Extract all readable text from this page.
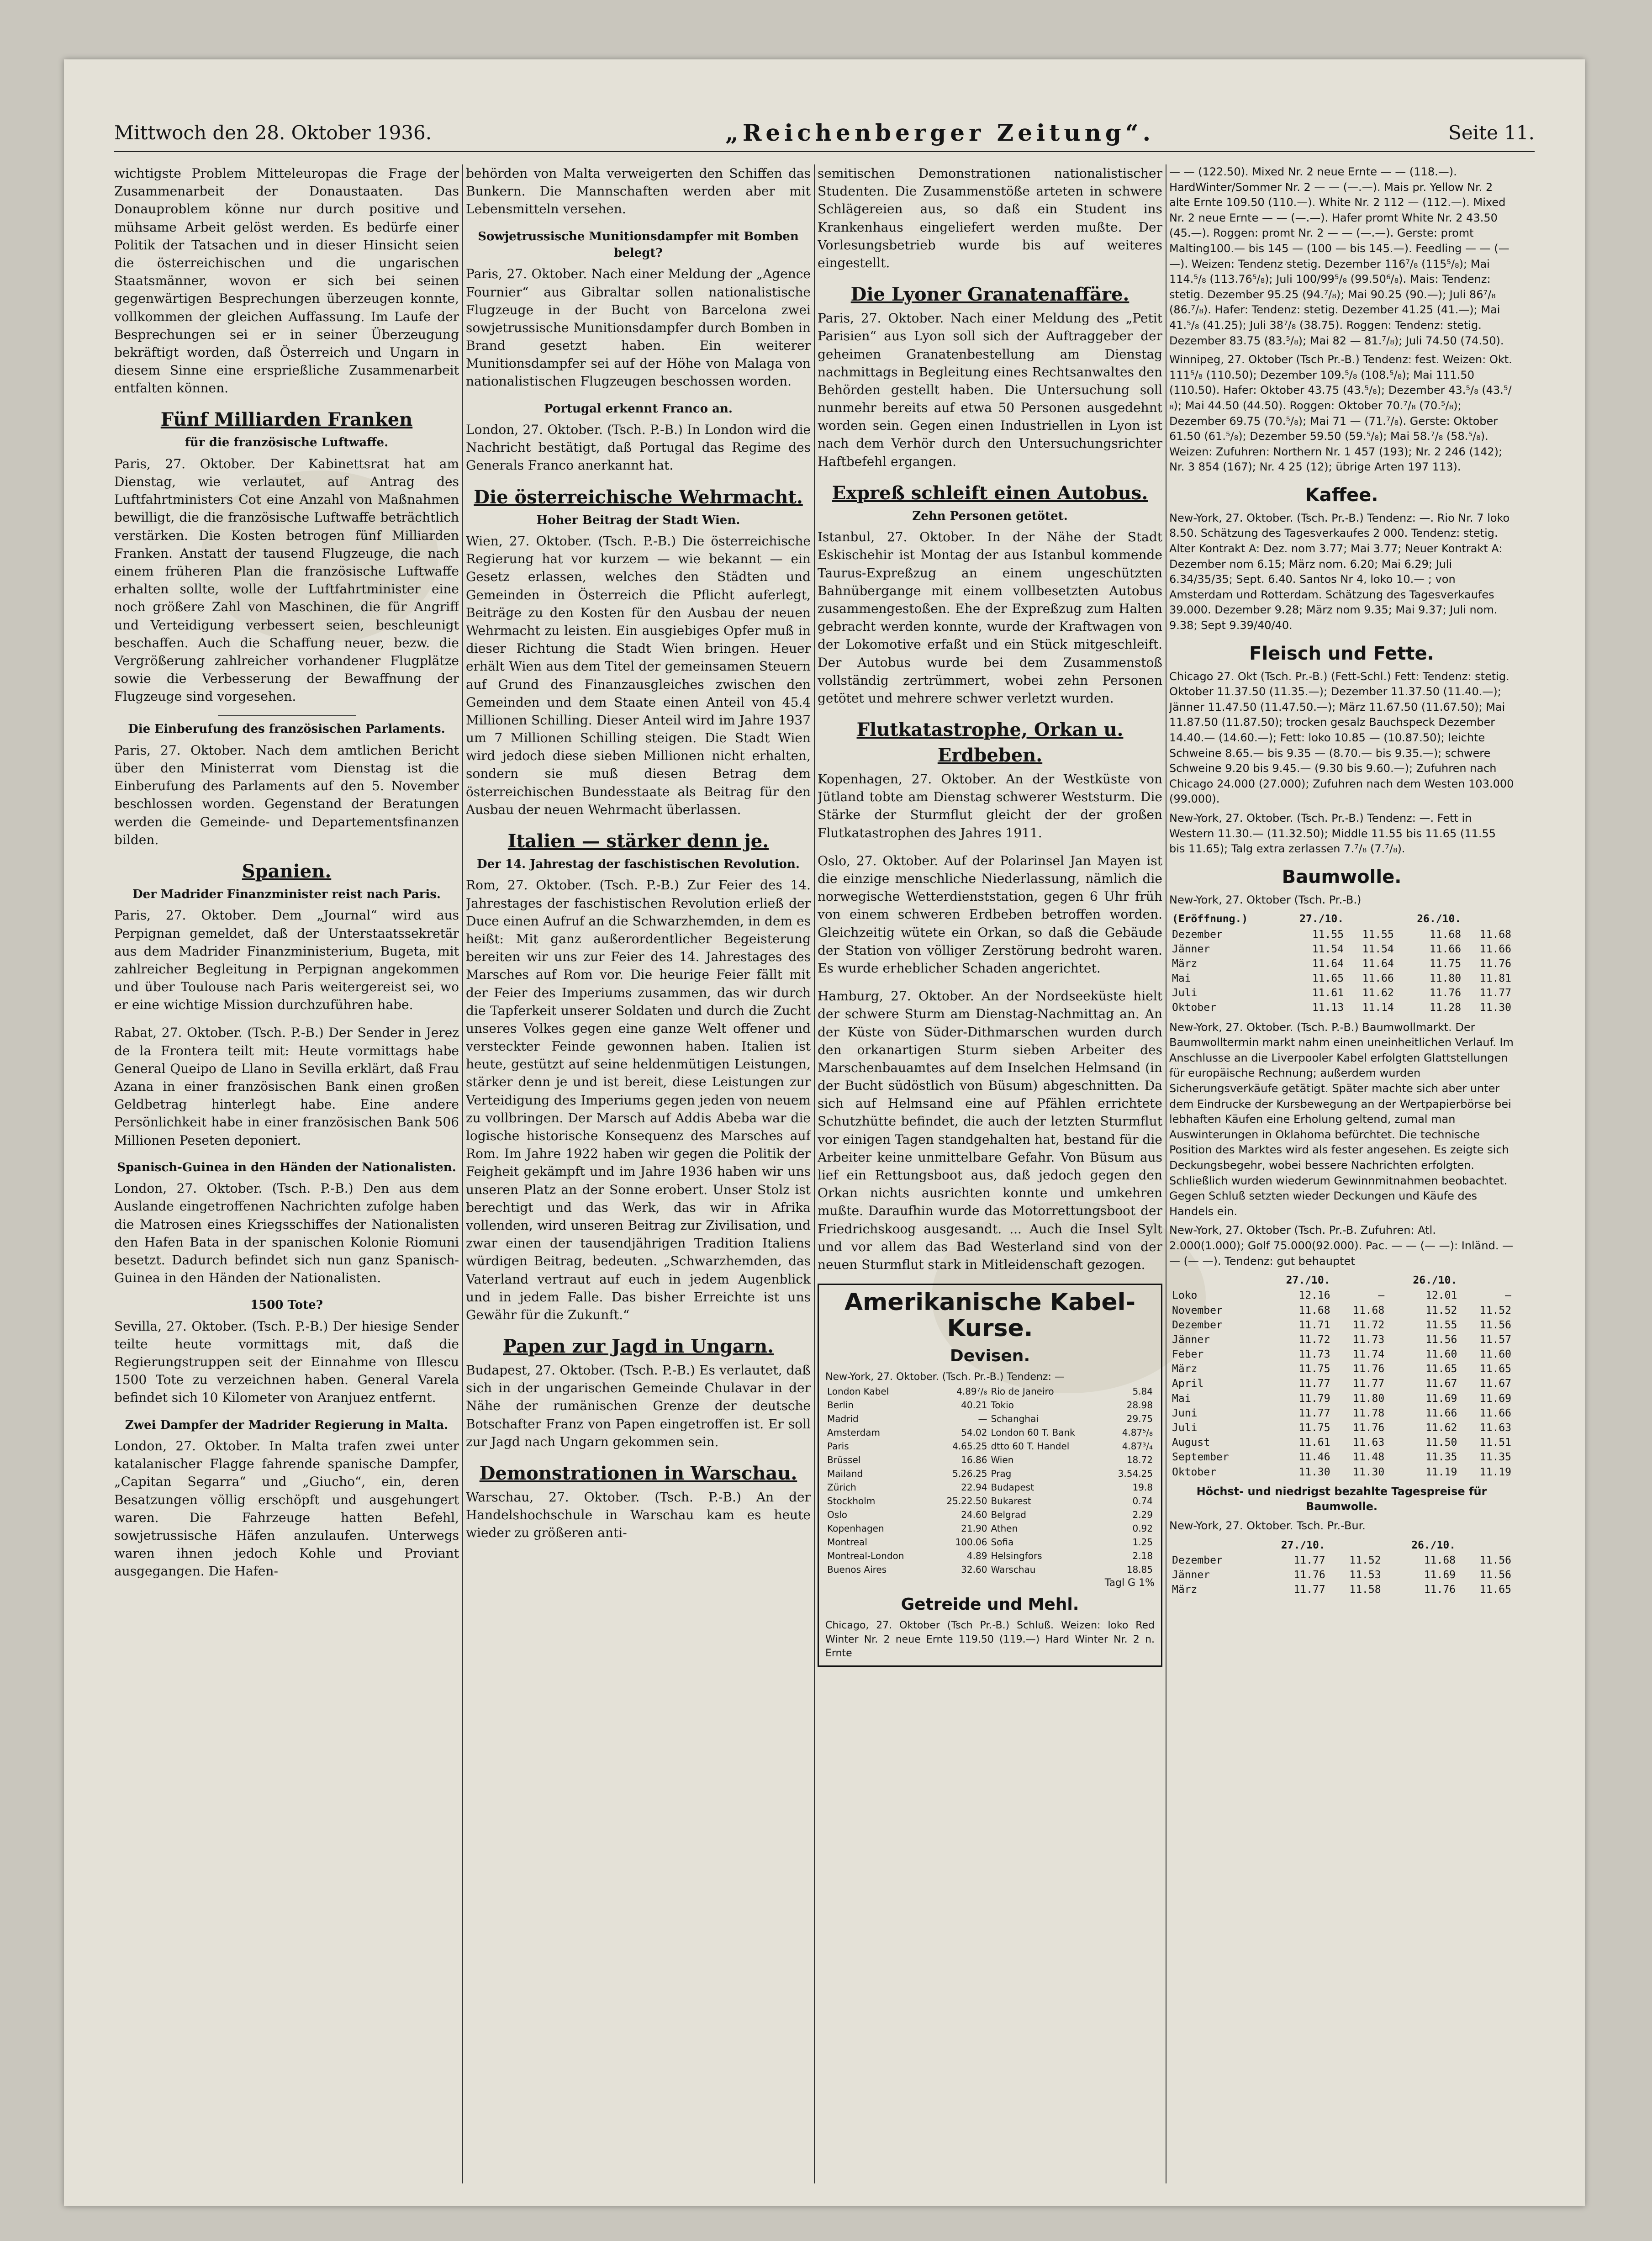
Mittwoch den 28. Oktober 1936.	„Reichenberger Zeitung“.	Seite 11.

wichtigste Problem Mitteleuropas die Frage der Zusammenarbeit der Donaustaaten. Das Donauproblem könne nur durch positive und mühsame Arbeit gelöst werden. Es bedürfe einer Politik der Tatsachen und in dieser Hinsicht seien die österreichischen und die ungarischen Staatsmänner, wovon er sich bei seinen gegenwärtigen Besprechungen überzeugen konnte, vollkommen der gleichen Auffassung. Im Laufe der Besprechungen sei er in seiner Überzeugung bekräftigt worden, daß Österreich und Ungarn in diesem Sinne eine ersprießliche Zusammenarbeit entfalten können.

Fünf Milliarden Franken
für die französische Luftwaffe.

Paris, 27. Oktober. Der Kabinettsrat hat am Dienstag, wie verlautet, auf Antrag des Luftfahrtministers Cot eine Anzahl von Maßnahmen bewilligt, die die französische Luftwaffe beträchtlich verstärken. Die Kosten betrogen fünf Milliarden Franken. Anstatt der tausend Flugzeuge, die nach einem früheren Plan die französische Luftwaffe erhalten sollte, wolle der Luftfahrtminister eine noch größere Zahl von Maschinen, die für Angriff und Verteidigung verbessert seien, beschleunigt beschaffen. Auch die Schaffung neuer, bezw. die Vergrößerung zahlreicher vorhandener Flugplätze sowie die Verbesserung der Bewaffnung der Flugzeuge sind vorgesehen.

Die Einberufung des französischen Parlaments.

Paris, 27. Oktober. Nach dem amtlichen Bericht über den Ministerrat vom Dienstag ist die Einberufung des Parlaments auf den 5. November beschlossen worden. Gegenstand der Beratungen werden die Gemeinde- und Departementsfinanzen bilden.

Spanien.
Der Madrider Finanzminister reist nach Paris.

Paris, 27. Oktober. Dem „Journal“ wird aus Perpignan gemeldet, daß der Unterstaatssekretär aus dem Madrider Finanzministerium, Bugeta, mit zahlreicher Begleitung in Perpignan angekommen und über Toulouse nach Paris weitergereist sei, wo er eine wichtige Mission durchzuführen habe.

Rabat, 27. Oktober. (Tsch. P.-B.) Der Sender in Jerez de la Frontera teilt mit: Heute vormittags habe General Queipo de Llano in Sevilla erklärt, daß Frau Azana in einer französischen Bank einen großen Geldbetrag hinterlegt habe. Eine andere Persönlichkeit habe in einer französischen Bank 506 Millionen Peseten deponiert.

Spanisch-Guinea in den Händen der Nationalisten.

London, 27. Oktober. (Tsch. P.-B.) Den aus dem Auslande eingetroffenen Nachrichten zufolge haben die Matrosen eines Kriegsschiffes der Nationalisten den Hafen Bata in der spanischen Kolonie Riomuni besetzt. Dadurch befindet sich nun ganz Spanisch-Guinea in den Händen der Nationalisten.

1500 Tote?

Sevilla, 27. Oktober. (Tsch. P.-B.) Der hiesige Sender teilte heute vormittags mit, daß die Regierungstruppen seit der Einnahme von Illescu 1500 Tote zu verzeichnen haben. General Varela befindet sich 10 Kilometer von Aranjuez entfernt.

Zwei Dampfer der Madrider Regierung in Malta.

London, 27. Oktober. In Malta trafen zwei unter katalanischer Flagge fahrende spanische Dampfer, „Capitan Segarra“ und „Giucho“, ein, deren Besatzungen völlig erschöpft und ausgehungert waren. Die Fahrzeuge hatten Befehl, sowjetrussische Häfen anzulaufen. Unterwegs waren ihnen jedoch Kohle und Proviant ausgegangen. Die Hafen-

behörden von Malta verweigerten den Schiffen das Bunkern. Die Mannschaften werden aber mit Lebensmitteln versehen.

Sowjetrussische Munitionsdampfer mit Bomben belegt?

Paris, 27. Oktober. Nach einer Meldung der „Agence Fournier“ aus Gibraltar sollen nationalistische Flugzeuge in der Bucht von Barcelona zwei sowjetrussische Munitionsdampfer durch Bomben in Brand gesetzt haben. Ein weiterer Munitionsdampfer sei auf der Höhe von Malaga von nationalistischen Flugzeugen beschossen worden.

Portugal erkennt Franco an.

London, 27. Oktober. (Tsch. P.-B.) In London wird die Nachricht bestätigt, daß Portugal das Regime des Generals Franco anerkannt hat.

Die österreichische Wehrmacht.
Hoher Beitrag der Stadt Wien.

Wien, 27. Oktober. (Tsch. P.-B.) Die österreichische Regierung hat vor kurzem — wie bekannt — ein Gesetz erlassen, welches den Städten und Gemeinden in Österreich die Pflicht auferlegt, Beiträge zu den Kosten für den Ausbau der neuen Wehrmacht zu leisten. Ein ausgiebiges Opfer muß in dieser Richtung die Stadt Wien bringen. Heuer erhält Wien aus dem Titel der gemeinsamen Steuern auf Grund des Finanzausgleiches zwischen den Gemeinden und dem Staate einen Anteil von 45.4 Millionen Schilling. Dieser Anteil wird im Jahre 1937 um 7 Millionen Schilling steigen. Die Stadt Wien wird jedoch diese sieben Millionen nicht erhalten, sondern sie muß diesen Betrag dem österreichischen Bundesstaate als Beitrag für den Ausbau der neuen Wehrmacht überlassen.

Italien — stärker denn je.
Der 14. Jahrestag der faschistischen Revolution.

Rom, 27. Oktober. (Tsch. P.-B.) Zur Feier des 14. Jahrestages der faschistischen Revolution erließ der Duce einen Aufruf an die Schwarzhemden, in dem es heißt: Mit ganz außerordentlicher Begeisterung bereiten wir uns zur Feier des 14. Jahrestages des Marsches auf Rom vor. Die heurige Feier fällt mit der Feier des Imperiums zusammen, das wir durch die Tapferkeit unserer Soldaten und durch die Zucht unseres Volkes gegen eine ganze Welt offener und versteckter Feinde gewonnen haben. Italien ist heute, gestützt auf seine heldenmütigen Leistungen, stärker denn je und ist bereit, diese Leistungen zur Verteidigung des Imperiums gegen jeden von neuem zu vollbringen. Der Marsch auf Addis Abeba war die logische historische Konsequenz des Marsches auf Rom. Im Jahre 1922 haben wir gegen die Politik der Feigheit gekämpft und im Jahre 1936 haben wir uns unseren Platz an der Sonne erobert. Unser Stolz ist berechtigt und das Werk, das wir in Afrika vollenden, wird unseren Beitrag zur Zivilisation, und zwar einen der tausendjährigen Tradition Italiens würdigen Beitrag, bedeuten. „Schwarzhemden, das Vaterland vertraut auf euch in jedem Augenblick und in jedem Falle. Das bisher Erreichte ist uns Gewähr für die Zukunft.“

Papen zur Jagd in Ungarn.

Budapest, 27. Oktober. (Tsch. P.-B.) Es verlautet, daß sich in der ungarischen Gemeinde Chulavar in der Nähe der rumänischen Grenze der deutsche Botschafter Franz von Papen eingetroffen ist. Er soll zur Jagd nach Ungarn gekommen sein.

Demonstrationen in Warschau.

Warschau, 27. Oktober. (Tsch. P.-B.) An der Handelshochschule in Warschau kam es heute wieder zu größeren anti-

semitischen Demonstrationen nationalistischer Studenten. Die Zusammenstöße arteten in schwere Schlägereien aus, so daß ein Student ins Krankenhaus eingeliefert werden mußte. Der Vorlesungsbetrieb wurde bis auf weiteres eingestellt.

Die Lyoner Granatenaffäre.

Paris, 27. Oktober. Nach einer Meldung des „Petit Parisien“ aus Lyon soll sich der Auftraggeber der geheimen Granatenbestellung am Dienstag nachmittags in Begleitung eines Rechtsanwaltes den Behörden gestellt haben. Die Untersuchung soll nunmehr bereits auf etwa 50 Personen ausgedehnt worden sein. Gegen einen Industriellen in Lyon ist nach dem Verhör durch den Untersuchungsrichter Haftbefehl ergangen.

Expreß schleift einen Autobus.
Zehn Personen getötet.

Istanbul, 27. Oktober. In der Nähe der Stadt Eskischehir ist Montag der aus Istanbul kommende Taurus-Expreßzug an einem ungeschützten Bahnübergange mit einem vollbesetzten Autobus zusammengestoßen. Ehe der Expreßzug zum Halten gebracht werden konnte, wurde der Kraftwagen von der Lokomotive erfaßt und ein Stück mitgeschleift. Der Autobus wurde bei dem Zusammenstoß vollständig zertrümmert, wobei zehn Personen getötet und mehrere schwer verletzt wurden.

Flutkatastrophe, Orkan u. Erdbeben.

Kopenhagen, 27. Oktober. An der Westküste von Jütland tobte am Dienstag schwerer Weststurm. Die Stärke der Sturmflut gleicht der der großen Flutkatastrophen des Jahres 1911.

Oslo, 27. Oktober. Auf der Polarinsel Jan Mayen ist die einzige menschliche Niederlassung, nämlich die norwegische Wetterdienststation, gegen 6 Uhr früh von einem schweren Erdbeben betroffen worden. Gleichzeitig wütete ein Orkan, so daß die Gebäude der Station von völliger Zerstörung bedroht waren. Es wurde erheblicher Schaden angerichtet.

Hamburg, 27. Oktober. An der Nordseeküste hielt der schwere Sturm am Dienstag-Nachmittag an. An der Küste von Süder-Dithmarschen wurden durch den orkanartigen Sturm sieben Arbeiter des Marschenbauamtes auf dem Inselchen Helmsand (in der Bucht südöstlich von Büsum) abgeschnitten. Da sich auf Helmsand eine auf Pfählen errichtete Schutzhütte befindet, die auch der letzten Sturmflut vor einigen Tagen standgehalten hat, bestand für die Arbeiter keine unmittelbare Gefahr. Von Büsum aus lief ein Rettungsboot aus, daß jedoch gegen den Orkan nichts ausrichten konnte und umkehren mußte. Daraufhin wurde das Motorrettungsboot der Friedrichskoog ausgesandt. ... Auch die Insel Sylt und vor allem das Bad Westerland sind von der neuen Sturmflut stark in Mitleidenschaft gezogen.

Amerikanische Kabel-Kurse.
Devisen.
New-York, 27. Oktober. (Tsch. Pr.-B.) Tendenz: —
London Kabel	4.89⁷/₈	Rio de Janeiro	5.84
Berlin	40.21	Tokio	28.98
Madrid	—	Schanghai	29.75
Amsterdam	54.02	London 60 T. Bank	4.87⁵/₈
Paris	4.65.25	dtto 60 T. Handel	4.87³/₄
Brüssel	16.86	Wien	18.72
Mailand	5.26.25	Prag	3.54.25
Zürich	22.94	Budapest	19.8
Stockholm	25.22.50	Bukarest	0.74
Oslo	24.60	Belgrad	2.29
Kopenhagen	21.90	Athen	0.92
Montreal	100.06	Sofia	1.25
Montreal-London	4.89	Helsingfors	2.18
Buenos Aires	32.60	Warschau	18.85
Tagl G 1%
Getreide und Mehl.
Chicago, 27. Oktober (Tsch Pr.-B.) Schluß. Weizen: loko Red Winter Nr. 2 neue Ernte 119.50 (119.—) Hard Winter Nr. 2 n. Ernte

— — (122.50). Mixed Nr. 2 neue Ernte — — (118.—). HardWinter/Sommer Nr. 2 — — (—.—). Mais pr. Yellow Nr. 2 alte Ernte 109.50 (110.—). White Nr. 2 112 — (112.—). Mixed Nr. 2 neue Ernte — — (—.—). Hafer promt White Nr. 2 43.50 (45.—). Roggen: promt Nr. 2 — — (—.—). Gerste: promt Malting100.— bis 145 — (100 — bis 145.—). Feedling — — (— —). Weizen: Tendenz stetig. Dezember 116⁷/₈ (115⁵/₈); Mai 114.⁵/₈ (113.76⁵/₈); Juli 100/99⁵/₈ (99.50⁶/₈). Mais: Tendenz: stetig. Dezember 95.25 (94.⁷/₈); Mai 90.25 (90.—); Juli 86⁷/₈ (86.⁷/₈). Hafer: Tendenz: stetig. Dezember 41.25 (41.—); Mai 41.⁵/₈ (41.25); Juli 38⁷/₈ (38.75). Roggen: Tendenz: stetig. Dezember 83.75 (83.⁵/₈); Mai 82 — 81.⁷/₈); Juli 74.50 (74.50).

Winnipeg, 27. Oktober (Tsch Pr.-B.) Tendenz: fest. Weizen: Okt. 111⁵/₈ (110.50); Dezember 109.⁵/₈ (108.⁵/₈); Mai 111.50 (110.50). Hafer: Oktober 43.75 (43.⁵/₈); Dezember 43.⁵/₈ (43.⁵/₈); Mai 44.50 (44.50). Roggen: Oktober 70.⁷/₈ (70.⁵/₈); Dezember 69.75 (70.⁵/₈); Mai 71 — (71.⁷/₈). Gerste: Oktober 61.50 (61.⁵/₈); Dezember 59.50 (59.⁵/₈); Mai 58.⁷/₈ (58.⁵/₈). Weizen: Zufuhren: Northern Nr. 1 457 (193); Nr. 2 246 (142); Nr. 3 854 (167); Nr. 4 25 (12); übrige Arten 197 113).

Kaffee.

New-York, 27. Oktober. (Tsch. Pr.-B.) Tendenz: —. Rio Nr. 7 loko 8.50. Schätzung des Tagesverkaufes 2 000. Tendenz: stetig. Alter Kontrakt A: Dez. nom 3.77; Mai 3.77; Neuer Kontrakt A: Dezember nom 6.15; März nom. 6.20; Mai 6.29; Juli 6.34/35/35; Sept. 6.40. Santos Nr 4, loko 10.— ; von Amsterdam und Rotterdam. Schätzung des Tagesverkaufes 39.000. Dezember 9.28; März nom 9.35; Mai 9.37; Juli nom. 9.38; Sept 9.39/40/40.

Fleisch und Fette.

Chicago 27. Okt (Tsch. Pr.-B.) (Fett-Schl.) Fett: Tendenz: stetig. Oktober 11.37.50 (11.35.—); Dezember 11.37.50 (11.40.—); Jänner 11.47.50 (11.47.50.—); März 11.67.50 (11.67.50); Mai 11.87.50 (11.87.50); trocken gesalz Bauchspeck Dezember 14.40.— (14.60.—); Fett: loko 10.85 — (10.87.50); leichte Schweine 8.65.— bis 9.35 — (8.70.— bis 9.35.—); schwere Schweine 9.20 bis 9.45.— (9.30 bis 9.60.—); Zufuhren nach Chicago 24.000 (27.000); Zufuhren nach dem Westen 103.000 (99.000).

New-York, 27. Oktober. (Tsch. Pr.-B.) Tendenz: —. Fett in Western 11.30.— (11.32.50); Middle 11.55 bis 11.65 (11.55 bis 11.65); Talg extra zerlassen 7.⁷/₈ (7.⁷/₈).

Baumwolle.
New-York, 27. Oktober (Tsch. Pr.-B.)
(Eröffnung.)	27./10.		26./10.	
Dezember	11.55	11.55	11.68	11.68
Jänner	11.54	11.54	11.66	11.66
März	11.64	11.64	11.75	11.76
Mai	11.65	11.66	11.80	11.81
Juli	11.61	11.62	11.76	11.77
Oktober	11.13	11.14	11.28	11.30

New-York, 27. Oktober. (Tsch. P.-B.) Baumwollmarkt. Der Baumwolltermin markt nahm einen uneinheitlichen Verlauf. Im Anschlusse an die Liverpooler Kabel erfolgten Glattstellungen für europäische Rechnung; außerdem wurden Sicherungsverkäufe getätigt. Später machte sich aber unter dem Eindrucke der Kursbewegung an der Wertpapierbörse bei lebhaften Käufen eine Erholung geltend, zumal man Auswinterungen in Oklahoma befürchtet. Die technische Position des Marktes wird als fester angesehen. Es zeigte sich Deckungsbegehr, wobei bessere Nachrichten erfolgten. Schließlich wurden wiederum Gewinnmitnahmen beobachtet. Gegen Schluß setzten wieder Deckungen und Käufe des Handels ein.

New-York, 27. Oktober (Tsch. Pr.-B. Zufuhren: Atl. 2.000(1.000); Golf 75.000(92.000). Pac. — — (— —): Inländ. — — (— —). Tendenz: gut behauptet

	27./10.		26./10.	
Loko	12.16	—	12.01	—
November	11.68	11.68	11.52	11.52
Dezember	11.71	11.72	11.55	11.56
Jänner	11.72	11.73	11.56	11.57
Feber	11.73	11.74	11.60	11.60
März	11.75	11.76	11.65	11.65
April	11.77	11.77	11.67	11.67
Mai	11.79	11.80	11.69	11.69
Juni	11.77	11.78	11.66	11.66
Juli	11.75	11.76	11.62	11.63
August	11.61	11.63	11.50	11.51
September	11.46	11.48	11.35	11.35
Oktober	11.30	11.30	11.19	11.19

Höchst- und niedrigst bezahlte Tagespreise für Baumwolle.

New-York, 27. Oktober. Tsch. Pr.-Bur.
	27./10.		26./10.	
Dezember	11.77	11.52	11.68	11.56
Jänner	11.76	11.53	11.69	11.56
März	11.77	11.58	11.76	11.65
